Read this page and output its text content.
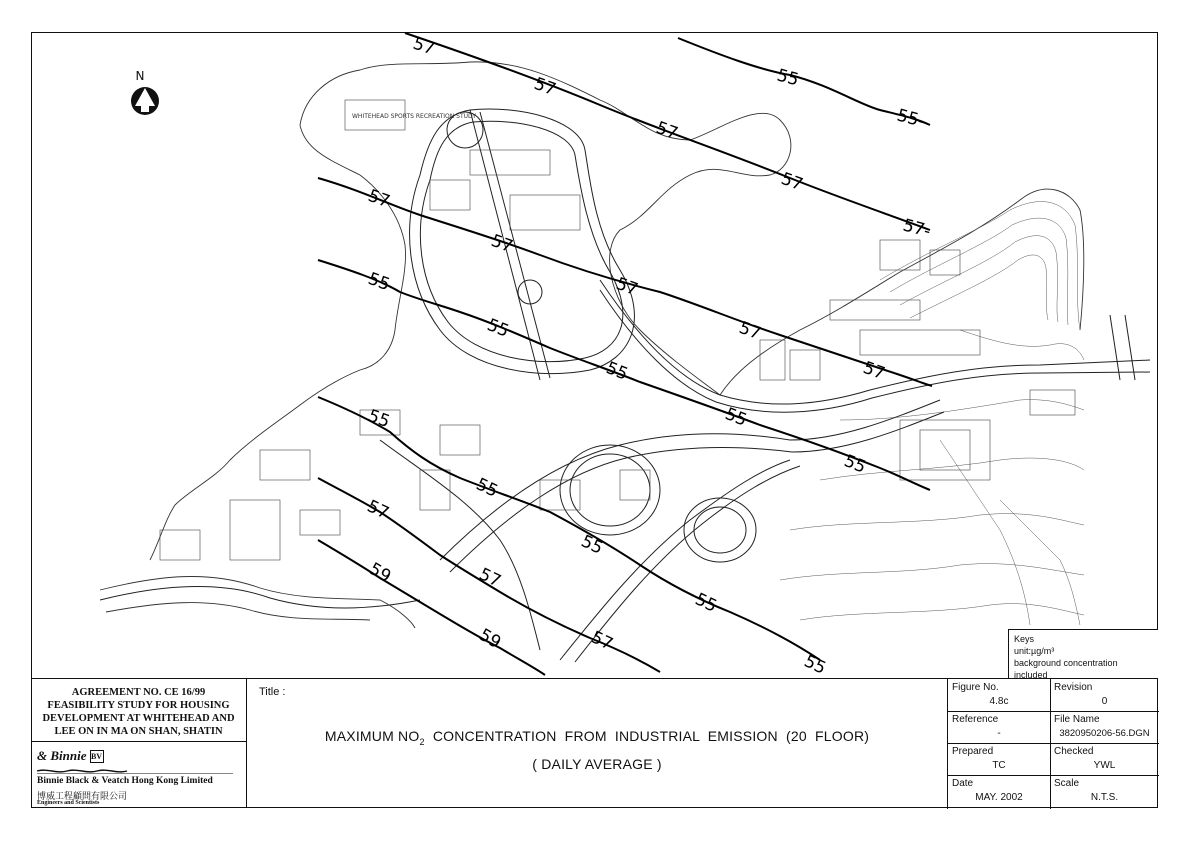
WHITEHEAD SPORTS RECREATION STUDY
N
57
57
57
57
57-
55
55-
57
57
57
57
57
55
55
55
55
55
55
55
55
55
55
57
57
57
59
59	Keys
unit:µg/m³
background concentration included
AGREEMENT NO. CE 16/99
FEASIBILITY STUDY FOR HOUSING
DEVELOPMENT AT WHITEHEAD AND
LEE ON IN MA ON SHAN, SHATIN
& Binnie BV
Binnie Black & Veatch Hong Kong Limited
博威工程顧問有限公司
Engineers and Scientists
Title :
MAXIMUM $NO_2$  CONCENTRATION  FROM  INDUSTRIAL  EMISSION  (20  FLOOR)
( DAILY AVERAGE )
Figure No.
4.8c
Revision
0
Reference
-
File Name
3820950206-56.DGN
Prepared
TC
Checked
YWL
Date
MAY. 2002
Scale
N.T.S.
